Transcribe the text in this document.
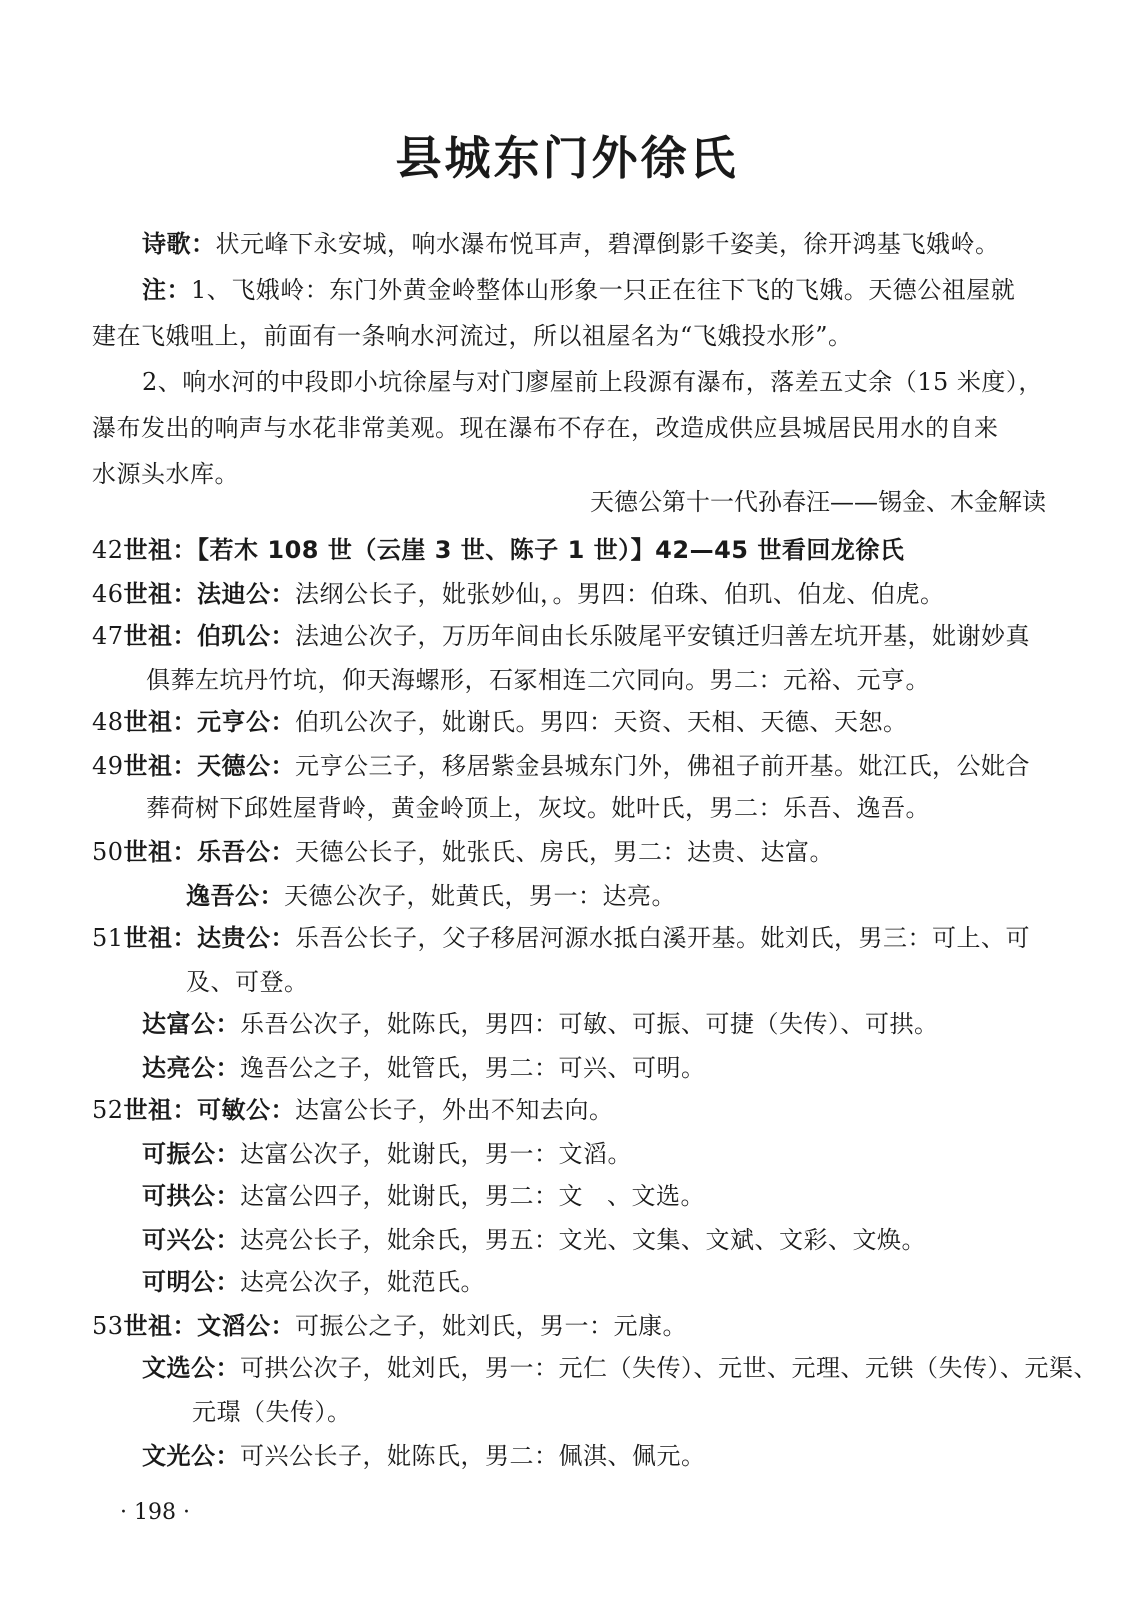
县城东门外徐氏
诗歌：状元峰下永安城，响水瀑布悦耳声，碧潭倒影千姿美，徐开鸿基飞娥岭。
注：1、飞娥岭：东门外黄金岭整体山形象一只正在往下飞的飞娥。天德公祖屋就
建在飞娥咀上，前面有一条响水河流过，所以祖屋名为“飞娥投水形”。
2、响水河的中段即小坑徐屋与对门廖屋前上段源有瀑布，落差五丈余（15 米度），
瀑布发出的响声与水花非常美观。现在瀑布不存在，改造成供应县城居民用水的自来
水源头水库。
天德公第十一代孙春汪——锡金、木金解读
42世祖：【若木 108 世（云崖 3 世、陈子 1 世）】42—45 世看回龙徐氏
46世祖：法迪公：法纲公长子，妣张妙仙，。男四：伯珠、伯玑、伯龙、伯虎。
47世祖：伯玑公：法迪公次子，万历年间由长乐陂尾平安镇迁归善左坑开基，妣谢妙真
俱葬左坑丹竹坑，仰天海螺形，石冢相连二穴同向。男二：元裕、元亨。
48世祖：元亨公：伯玑公次子，妣谢氏。男四：天资、天相、天德、天恕。
49世祖：天德公：元亨公三子，移居紫金县城东门外，佛祖子前开基。妣江氏，公妣合
葬荷树下邱姓屋背岭，黄金岭顶上，灰坟。妣叶氏，男二：乐吾、逸吾。
50世祖：乐吾公：天德公长子，妣张氏、房氏，男二：达贵、达富。
逸吾公：天德公次子，妣黄氏，男一：达亮。
51世祖：达贵公：乐吾公长子，父子移居河源水抵白溪开基。妣刘氏，男三：可上、可
及、可登。
达富公：乐吾公次子，妣陈氏，男四：可敏、可振、可捷（失传）、可拱。
达亮公：逸吾公之子，妣管氏，男二：可兴、可明。
52世祖：可敏公：达富公长子，外出不知去向。
可振公：达富公次子，妣谢氏，男一：文滔。
可拱公：达富公四子，妣谢氏，男二：文 、文选。
可兴公：达亮公长子，妣余氏，男五：文光、文集、文斌、文彩、文焕。
可明公：达亮公次子，妣范氏。
53世祖：文滔公：可振公之子，妣刘氏，男一：元康。
文选公：可拱公次子，妣刘氏，男一：元仁（失传）、元世、元理、元𫟹（失传）、元渠、
元璟（失传）。
文光公：可兴公长子，妣陈氏，男二：佩淇、佩元。
· 198 ·
